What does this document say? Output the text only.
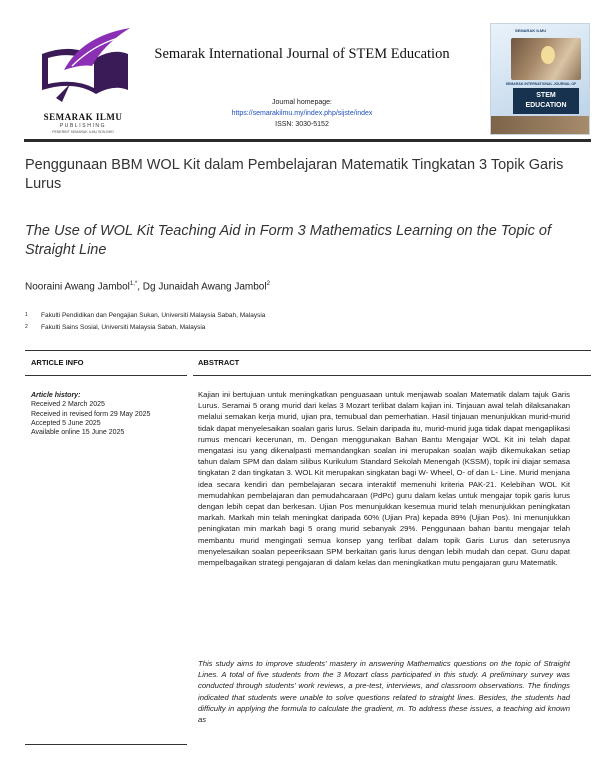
SEMARAK ILMU
PUBLISHING
PENERBIT SEMARAK ILMU SDN BHD
Semarak International Journal of STEM Education
Journal homepage:
https://semarakilmu.my/index.php/sijste/index
ISSN: 3030-5152
SEMARAK ILMU
SEMARAK INTERNATIONAL JOURNAL OF
STEM
EDUCATION
Penggunaan BBM WOL Kit dalam Pembelajaran Matematik Tingkatan 3 Topik Garis Lurus
The Use of WOL Kit Teaching Aid in Form 3 Mathematics Learning on the Topic of Straight Line
Nooraini Awang Jambol$^{1,*}$, Dg Junaidah Awang Jambol$^2$
1 Fakulti Pendidikan dan Pengajian Sukan, Universiti Malaysia Sabah, Malaysia
2 Fakulti Sains Sosial, Universiti Malaysia Sabah, Malaysia
ARTICLE INFO	ABSTRACT
Article history:
Received 2 March 2025
Received in revised form 29 May 2025
Accepted 5 June 2025
Available online 15 June 2025
Kajian ini bertujuan untuk meningkatkan penguasaan untuk menjawab soalan Matematik dalam tajuk Garis Lurus. Seramai 5 orang murid dari kelas 3 Mozart terlibat dalam kajian ini. Tinjauan awal telah dilaksanakan melalui semakan kerja murid, ujian pra, temubual dan pemerhatian. Hasil tinjauan menunjukkan murid-murid tidak dapat menyelesaikan soalan garis lurus. Selain daripada itu, murid-murid juga tidak dapat mengaplikasi rumus mencari kecerunan, m. Dengan menggunakan Bahan Bantu Mengajar WOL Kit ini telah dapat mengatasi isu yang dikenalpasti memandangkan soalan ini merupakan soalan wajib dikemukakan setiap tahun dalam SPM dan dalam silibus Kurikulum Standard Sekolah Menengah (KSSM), topik ini diajar semasa tingkatan 2 dan tingkatan 3. WOL Kit merupakan singkatan bagi W- Wheel, O- of dan L- Line. Murid menjana idea secara kendiri dan pembelajaran secara interaktif memenuhi kriteria PAK-21. Kelebihan WOL Kit memudahkan pembelajaran dan pemudahcaraan (PdPc) guru dalam kelas untuk mengajar topik garis lurus dengan lebih cepat dan berkesan. Ujian Pos menunjukkan kesemua murid telah menunjukkan peningkatan markah. Markah min telah meningkat daripada 60% (Ujian Pra) kepada 89% (Ujian Pos). Ini menunjukkan peningkatan min markah bagi 5 orang murid sebanyak 29%. Penggunaan bahan bantu mengajar telah membantu murid mengingati semua konsep yang terlibat dalam topik Garis Lurus dan seterusnya menyelesaikan soalan pepeeriksaan SPM berkaitan garis lurus dengan lebih mudah dan cepat. Guru dapat mempelbagaikan strategi pengajaran di dalam kelas dan meningkatkan mutu pengajaran guru Matematik.
This study aims to improve students' mastery in answering Mathematics questions on the topic of Straight Lines. A total of five students from the 3 Mozart class participated in this study. A preliminary survey was conducted through students' work reviews, a pre-test, interviews, and classroom observations. The findings indicated that students were unable to solve questions related to straight lines. Besides, the students had difficulty in applying the formula to calculate the gradient, m. To address these issues, a teaching aid known as
